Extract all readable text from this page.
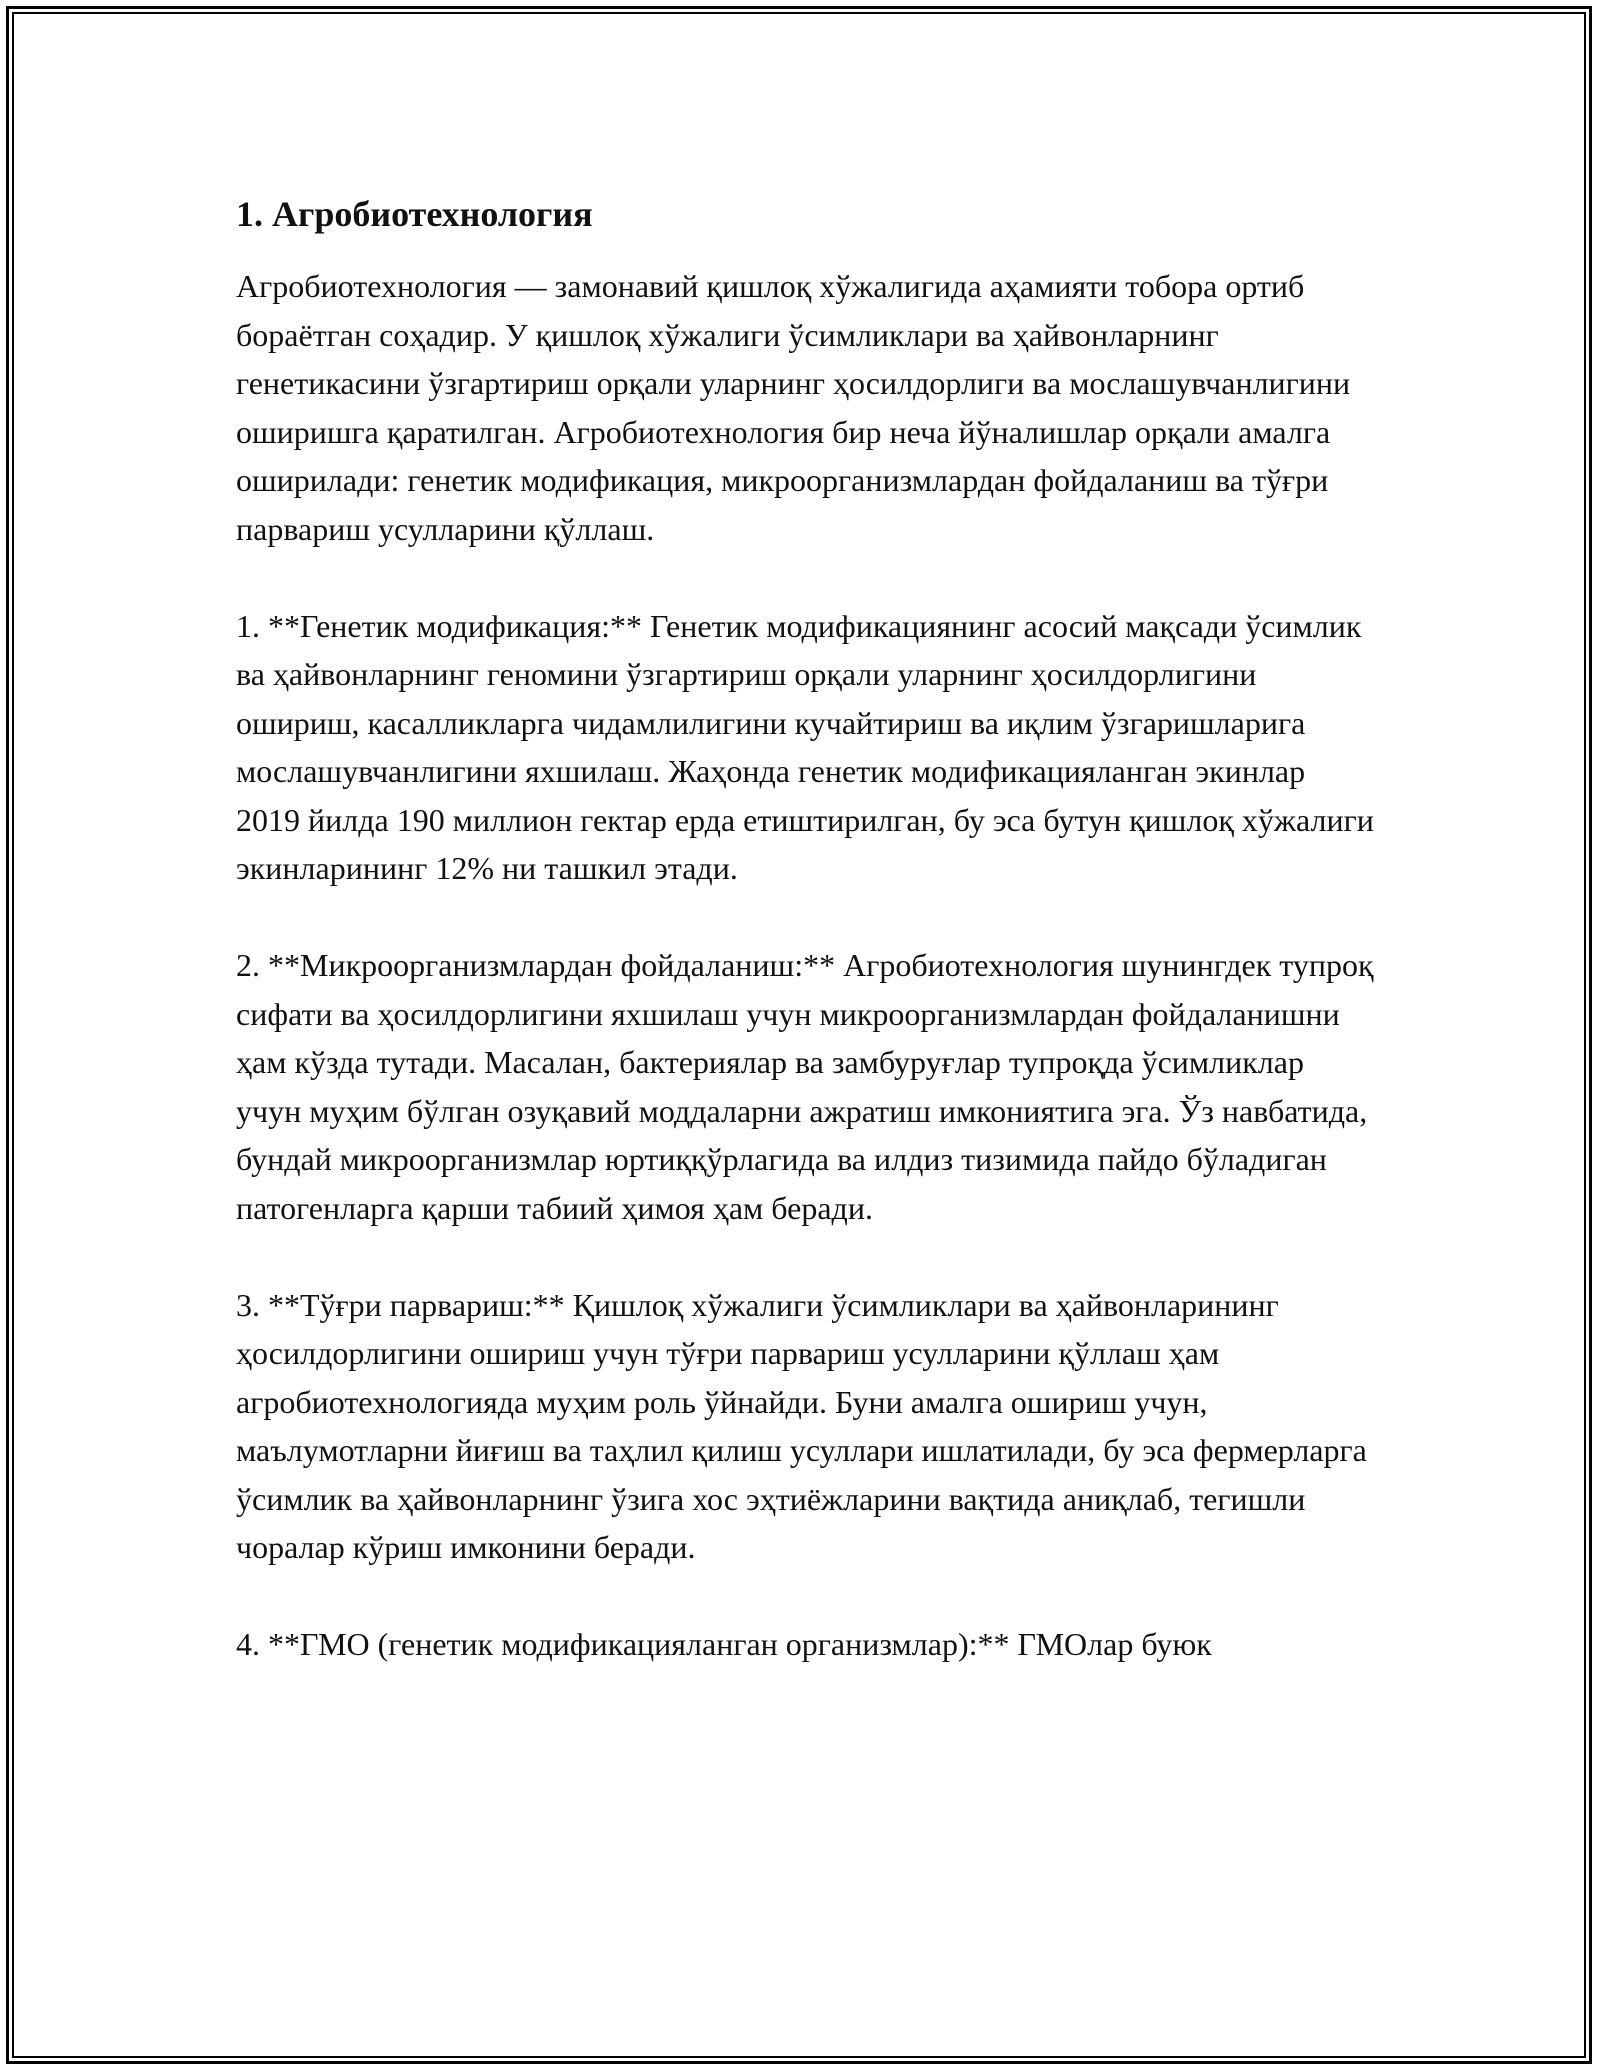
1. Агробиотехнология

Агробиотехнология — замонавий қишлоқ хўжалигида аҳамияти тобора ортиб бораётган соҳадир. У қишлоқ хўжалиги ўсимликлари ва ҳайвонларнинг генетикасини ўзгартириш орқали уларнинг ҳосилдорлиги ва мослашувчанлигини оширишга қаратилган. Агробиотехнология бир неча йўналишлар орқали амалга оширилади: генетик модификация, микроорганизмлардан фойдаланиш ва тўғри парвариш усулларини қўллаш.

1. **Генетик модификация:** Генетик модификациянинг асосий мақсади ўсимлик ва ҳайвонларнинг геномини ўзгартириш орқали уларнинг ҳосилдорлигини ошириш, касалликларга чидамлилигини кучайтириш ва иқлим ўзгаришларига мослашувчанлигини яхшилаш. Жаҳонда генетик модификацияланган экинлар 2019 йилда 190 миллион гектар ерда етиштирилган, бу эса бутун қишлоқ хўжалиги экинларининг 12% ни ташкил этади.

2. **Микроорганизмлардан фойдаланиш:** Агробиотехнология шунингдек тупроқ сифати ва ҳосилдорлигини яхшилаш учун микроорганизмлардан фойдаланишни ҳам кўзда тутади. Масалан, бактериялар ва замбуруғлар тупроқда ўсимликлар учун муҳим бўлган озуқавий моддаларни ажратиш имкониятига эга. Ўз навбатида, бундай микроорганизмлар юртиққўрлагида ва илдиз тизимида пайдо бўладиган патогенларга қарши табиий ҳимоя ҳам беради.

3. **Тўғри парвариш:** Қишлоқ хўжалиги ўсимликлари ва ҳайвонларининг ҳосилдорлигини ошириш учун тўғри парвариш усулларини қўллаш ҳам агробиотехнологияда муҳим роль ўйнайди. Буни амалга ошириш учун, маълумотларни йиғиш ва таҳлил қилиш усуллари ишлатилади, бу эса фермерларга ўсимлик ва ҳайвонларнинг ўзига хос эҳтиёжларини вақтида аниқлаб, тегишли чоралар кўриш имконини беради.

4. **ГМО (генетик модификацияланган организмлар):** ГМОлар буюк
